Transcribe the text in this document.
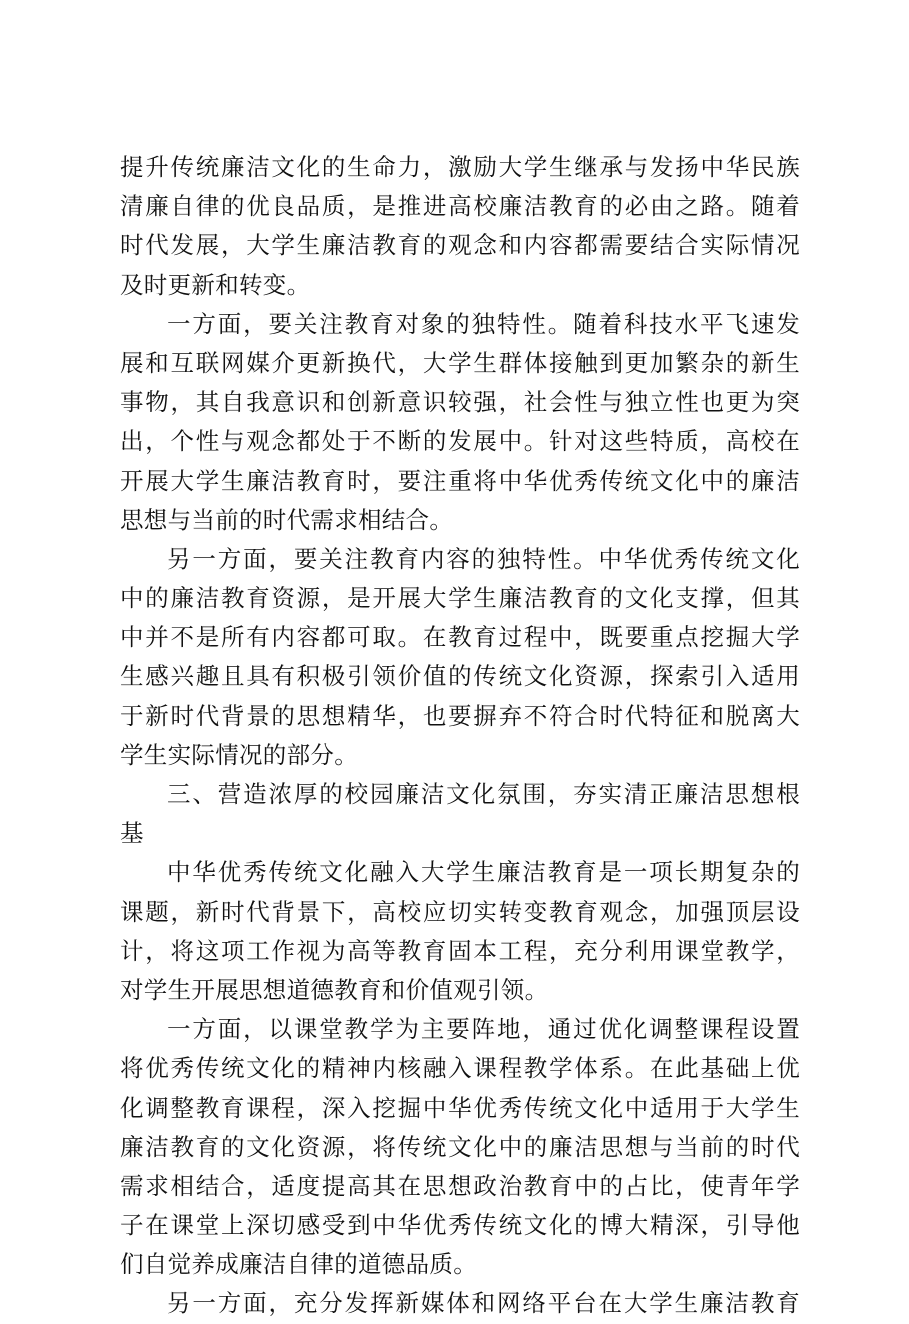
提升传统廉洁文化的生命力，激励大学生继承与发扬中华民族
清廉自律的优良品质，是推进高校廉洁教育的必由之路。随着
时代发展，大学生廉洁教育的观念和内容都需要结合实际情况
及时更新和转变。

一方面，要关注教育对象的独特性。随着科技水平飞速发
展和互联网媒介更新换代，大学生群体接触到更加繁杂的新生
事物，其自我意识和创新意识较强，社会性与独立性也更为突
出，个性与观念都处于不断的发展中。针对这些特质，高校在
开展大学生廉洁教育时，要注重将中华优秀传统文化中的廉洁
思想与当前的时代需求相结合。

另一方面，要关注教育内容的独特性。中华优秀传统文化
中的廉洁教育资源，是开展大学生廉洁教育的文化支撑，但其
中并不是所有内容都可取。在教育过程中，既要重点挖掘大学
生感兴趣且具有积极引领价值的传统文化资源，探索引入适用
于新时代背景的思想精华，也要摒弃不符合时代特征和脱离大
学生实际情况的部分。

三、营造浓厚的校园廉洁文化氛围，夯实清正廉洁思想根
基

中华优秀传统文化融入大学生廉洁教育是一项长期复杂的
课题，新时代背景下，高校应切实转变教育观念，加强顶层设
计，将这项工作视为高等教育固本工程，充分利用课堂教学，
对学生开展思想道德教育和价值观引领。

一方面，以课堂教学为主要阵地，通过优化调整课程设置
将优秀传统文化的精神内核融入课程教学体系。在此基础上优
化调整教育课程，深入挖掘中华优秀传统文化中适用于大学生
廉洁教育的文化资源，将传统文化中的廉洁思想与当前的时代
需求相结合，适度提高其在思想政治教育中的占比，使青年学
子在课堂上深切感受到中华优秀传统文化的博大精深，引导他
们自觉养成廉洁自律的道德品质。

另一方面，充分发挥新媒体和网络平台在大学生廉洁教育
